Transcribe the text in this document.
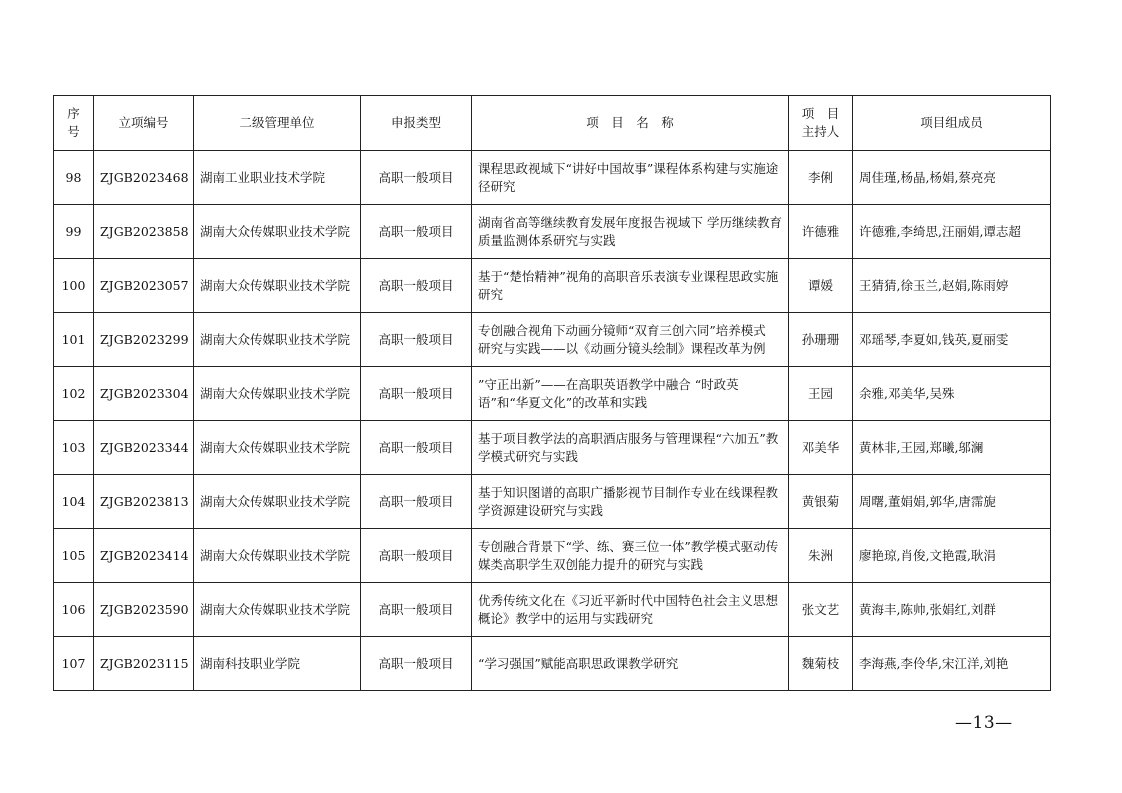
序号	立项编号	二级管理单位	申报类型	项　目　名　称	项　目主持人	项目组成员
98	ZJGB2023468	湖南工业职业技术学院	高职一般项目	课程思政视域下“讲好中国故事”课程体系构建与实施途径研究	李俐	周佳瑾,杨晶,杨娟,蔡亮亮
99	ZJGB2023858	湖南大众传媒职业技术学院	高职一般项目	湖南省高等继续教育发展年度报告视域下 学历继续教育质量监测体系研究与实践	许德雅	许德雅,李绮思,汪丽娟,谭志超
100	ZJGB2023057	湖南大众传媒职业技术学院	高职一般项目	基于“楚怡精神”视角的高职音乐表演专业课程思政实施研究	谭媛	王猜猜,徐玉兰,赵娟,陈雨婷
101	ZJGB2023299	湖南大众传媒职业技术学院	高职一般项目	专创融合视角下动画分镜师“双育三创六同”培养模式 研究与实践——以《动画分镜头绘制》课程改革为例	孙珊珊	邓瑶琴,李夏如,钱英,夏丽雯
102	ZJGB2023304	湖南大众传媒职业技术学院	高职一般项目	”守正出新”——在高职英语教学中融合 “时政英语”和“华夏文化”的改革和实践	王园	余雅,邓美华,吴殊
103	ZJGB2023344	湖南大众传媒职业技术学院	高职一般项目	基于项目教学法的高职酒店服务与管理课程“六加五”教学模式研究与实践	邓美华	黄林非,王园,郑曦,邬澜
104	ZJGB2023813	湖南大众传媒职业技术学院	高职一般项目	基于知识图谱的高职广播影视节目制作专业在线课程教学资源建设研究与实践	黄银菊	周曙,董娟娟,郭华,唐霈旎
105	ZJGB2023414	湖南大众传媒职业技术学院	高职一般项目	专创融合背景下“学、练、赛三位一体”教学模式驱动传媒类高职学生双创能力提升的研究与实践	朱洲	廖艳琼,肖俊,文艳霞,耿涓
106	ZJGB2023590	湖南大众传媒职业技术学院	高职一般项目	优秀传统文化在《习近平新时代中国特色社会主义思想概论》教学中的运用与实践研究	张文艺	黄海丰,陈帅,张娟红,刘群
107	ZJGB2023115	湖南科技职业学院	高职一般项目	“学习强国”赋能高职思政课教学研究	魏菊枝	李海燕,李伶华,宋江洋,刘艳
—13—
